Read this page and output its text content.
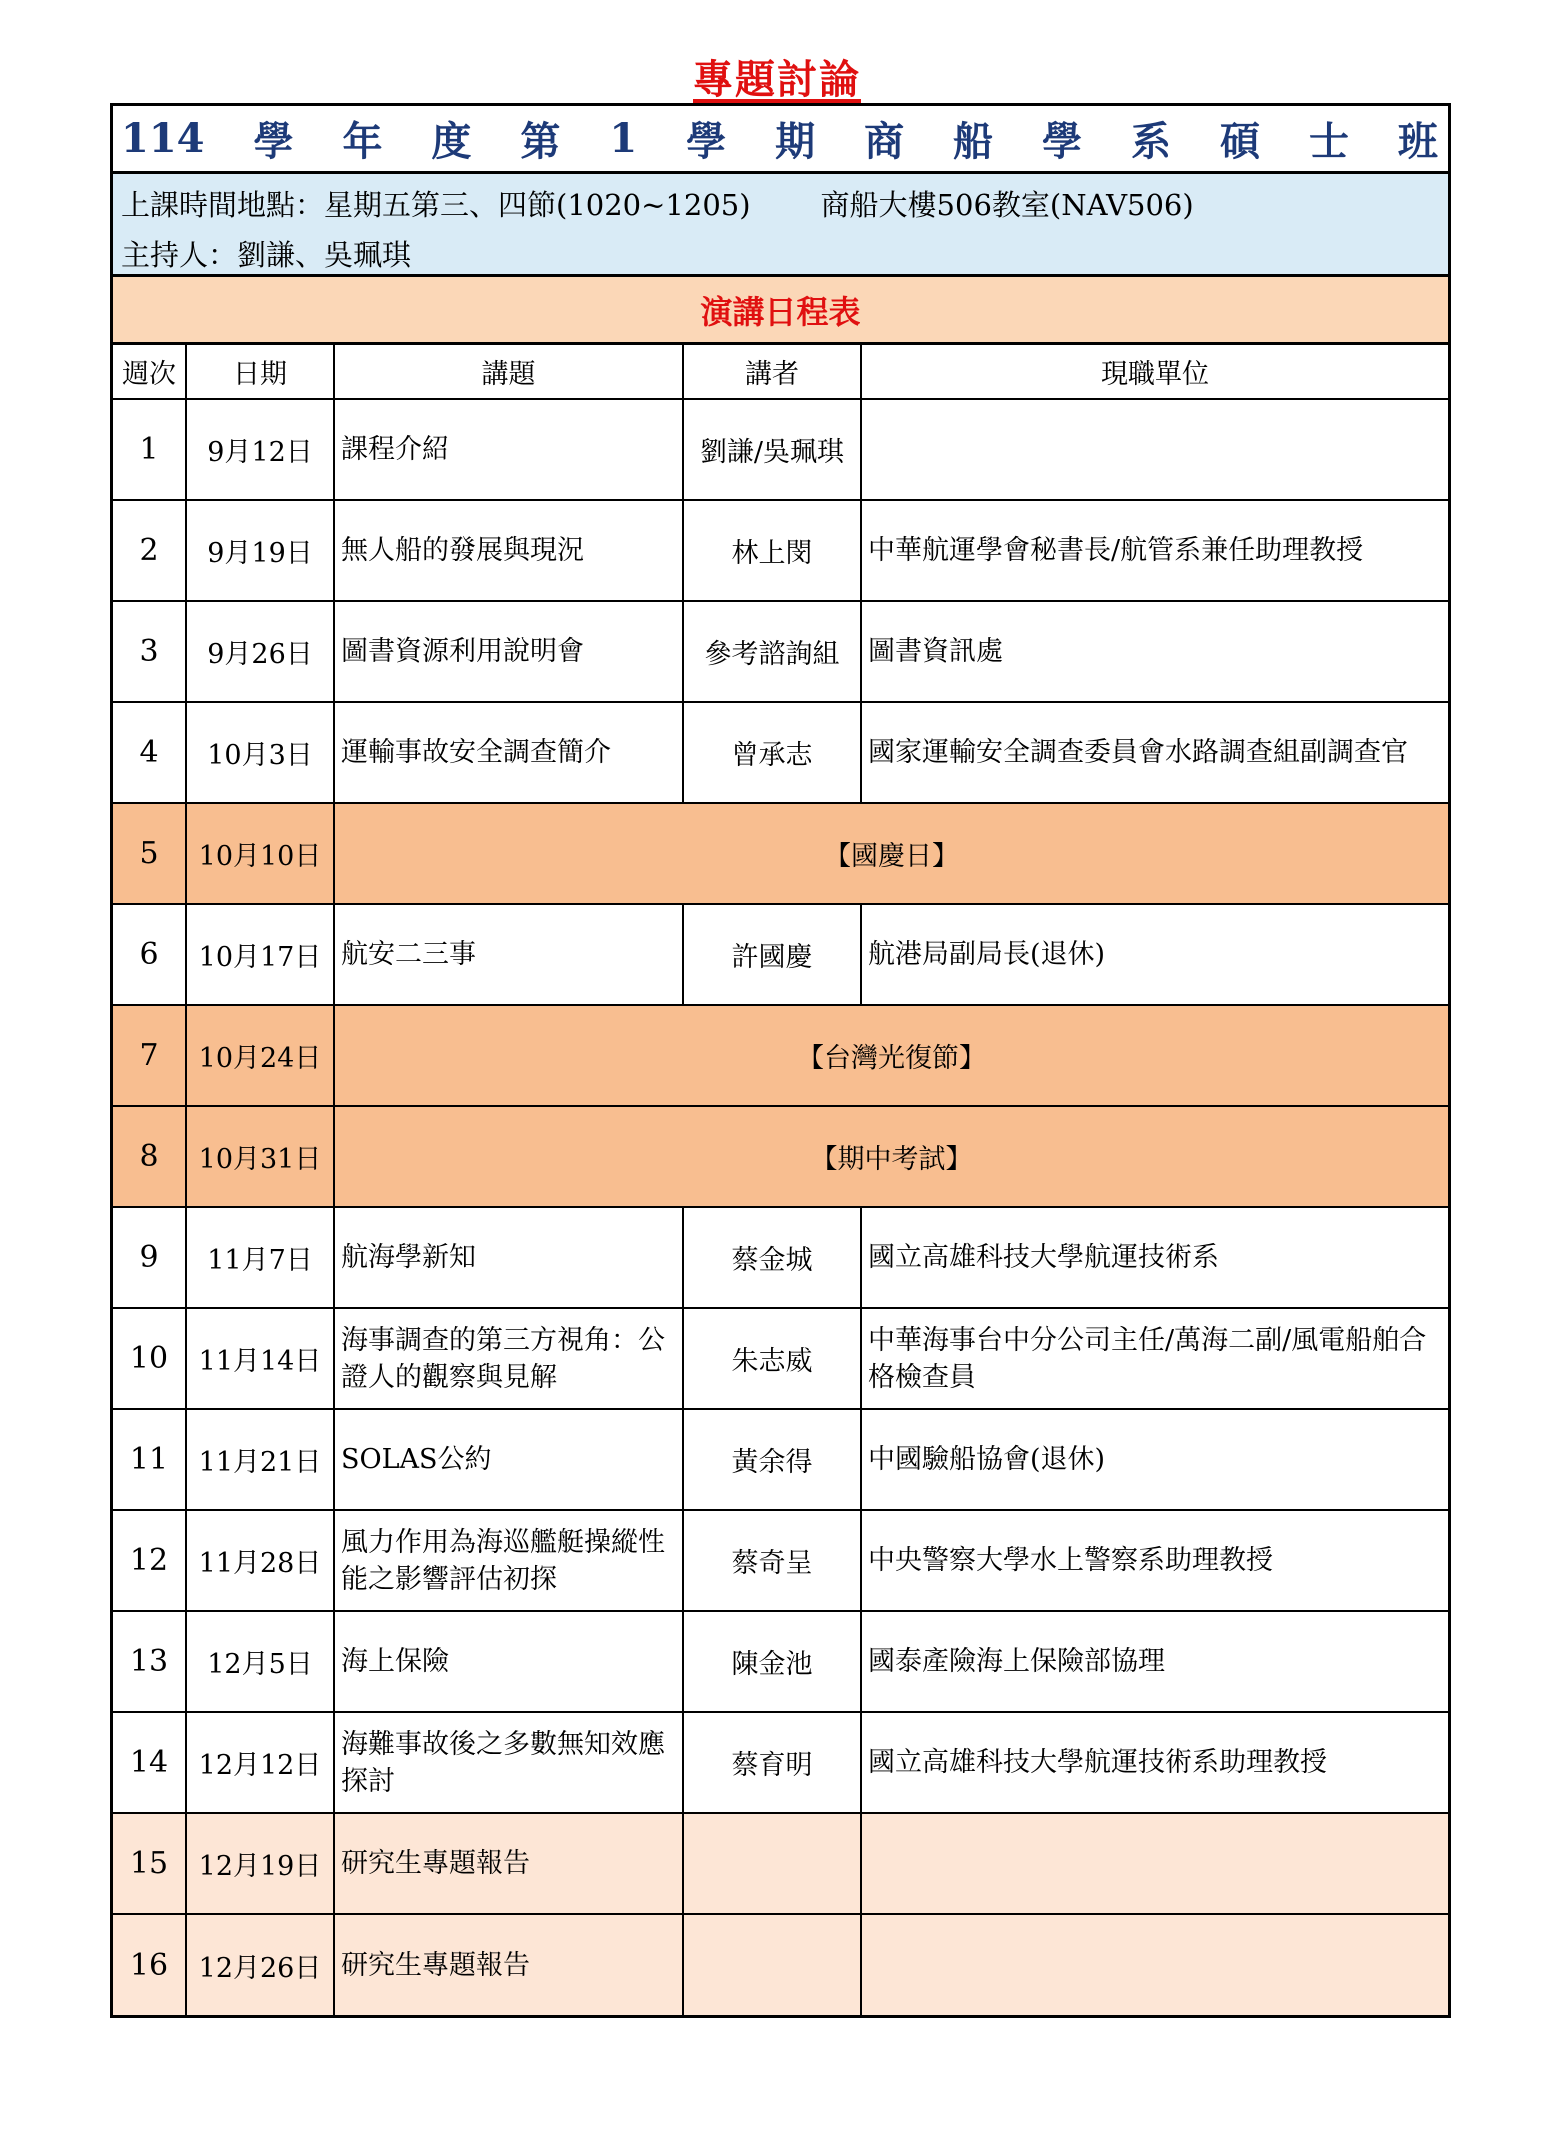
專題討論
114 學 年 度 第 1 學 期 商 船 學 系 碩 士 班
上課時間地點：星期五第三、四節(1020~1205) 商船大樓506教室(NAV506)
主持人：劉謙、吳珮琪
演講日程表
週次	日期	講題	講者	現職單位
1	9月12日	課程介紹	劉謙/吳珮琪	
2	9月19日	無人船的發展與現況	林上閔	中華航運學會秘書長/航管系兼任助理教授
3	9月26日	圖書資源利用說明會	參考諮詢組	圖書資訊處
4	10月3日	運輸事故安全調查簡介	曾承志	國家運輸安全調查委員會水路調查組副調查官
5	10月10日	【國慶日】		
6	10月17日	航安二三事	許國慶	航港局副局長(退休)
7	10月24日	【台灣光復節】		
8	10月31日	【期中考試】		
9	11月7日	航海學新知	蔡金城	國立高雄科技大學航運技術系
10	11月14日	海事調查的第三方視角：公證人的觀察與見解	朱志威	中華海事台中分公司主任/萬海二副/風電船舶合格檢查員
11	11月21日	SOLAS公約	黃余得	中國驗船協會(退休)
12	11月28日	風力作用為海巡艦艇操縱性能之影響評估初探	蔡奇呈	中央警察大學水上警察系助理教授
13	12月5日	海上保險	陳金池	國泰產險海上保險部協理
14	12月12日	海難事故後之多數無知效應探討	蔡育明	國立高雄科技大學航運技術系助理教授
15	12月19日	研究生專題報告		
16	12月26日	研究生專題報告		
